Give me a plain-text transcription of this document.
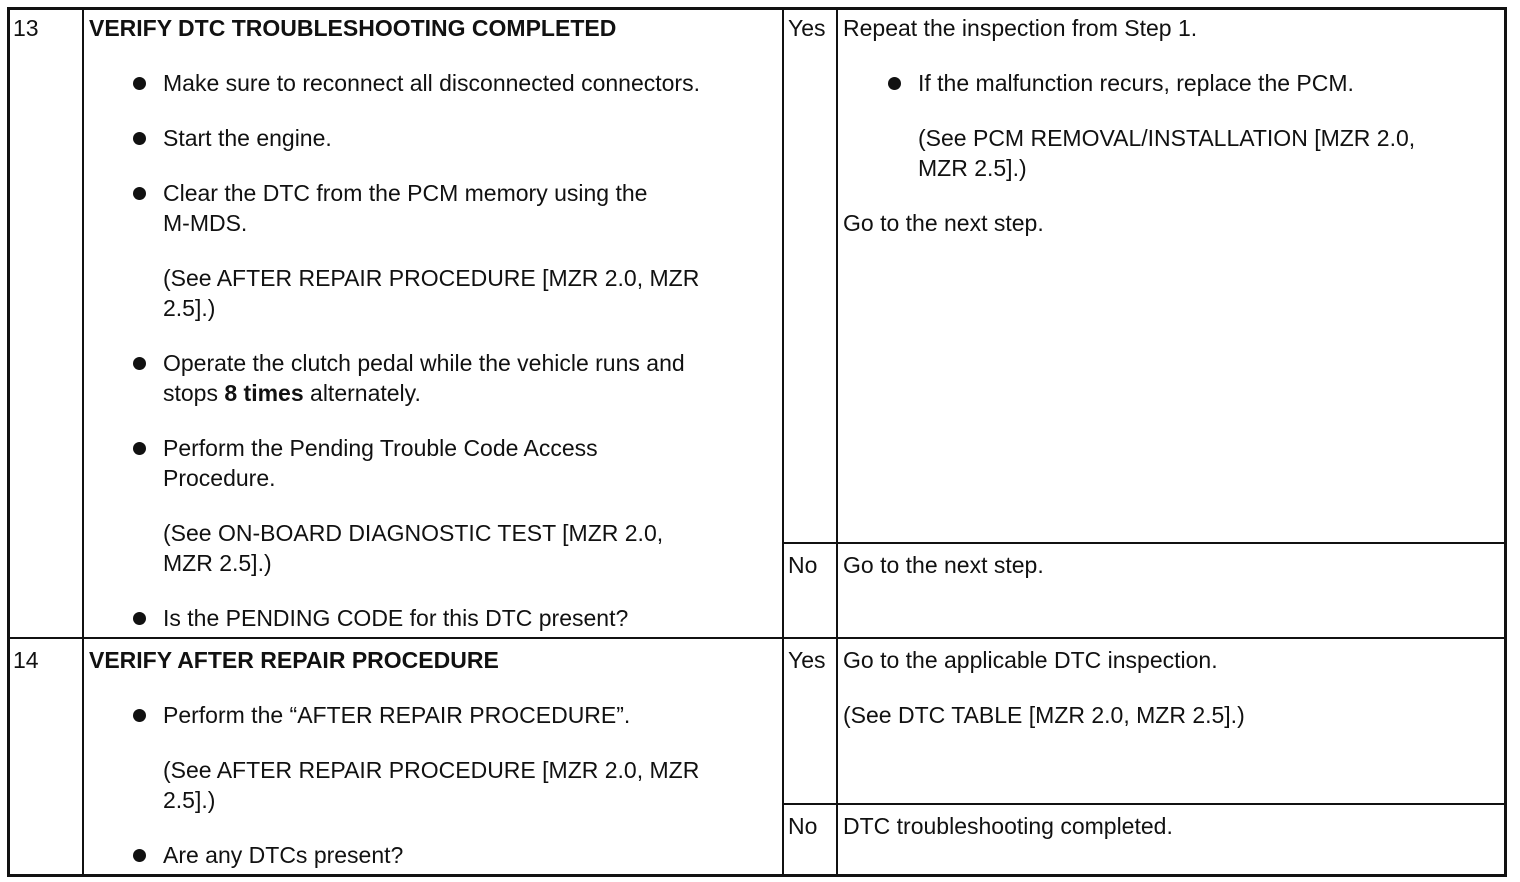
13 VERIFY DTC TROUBLESHOOTING COMPLETED
Make sure to reconnect all disconnected connectors.
Start the engine.
Clear the DTC from the PCM memory using the
M-MDS.
(See AFTER REPAIR PROCEDURE [MZR 2.0, MZR
2.5].)
Operate the clutch pedal while the vehicle runs and
stops 8 times alternately.
Perform the Pending Trouble Code Access
Procedure.
(See ON-BOARD DIAGNOSTIC TEST [MZR 2.0,
MZR 2.5].)
Is the PENDING CODE for this DTC present?
Yes Repeat the inspection from Step 1.
If the malfunction recurs, replace the PCM.
(See PCM REMOVAL/INSTALLATION [MZR 2.0,
MZR 2.5].)
Go to the next step.
No Go to the next step.
14 VERIFY AFTER REPAIR PROCEDURE
Perform the “AFTER REPAIR PROCEDURE”.
(See AFTER REPAIR PROCEDURE [MZR 2.0, MZR
2.5].)
Are any DTCs present?
Yes Go to the applicable DTC inspection.
(See DTC TABLE [MZR 2.0, MZR 2.5].)
No DTC troubleshooting completed.
